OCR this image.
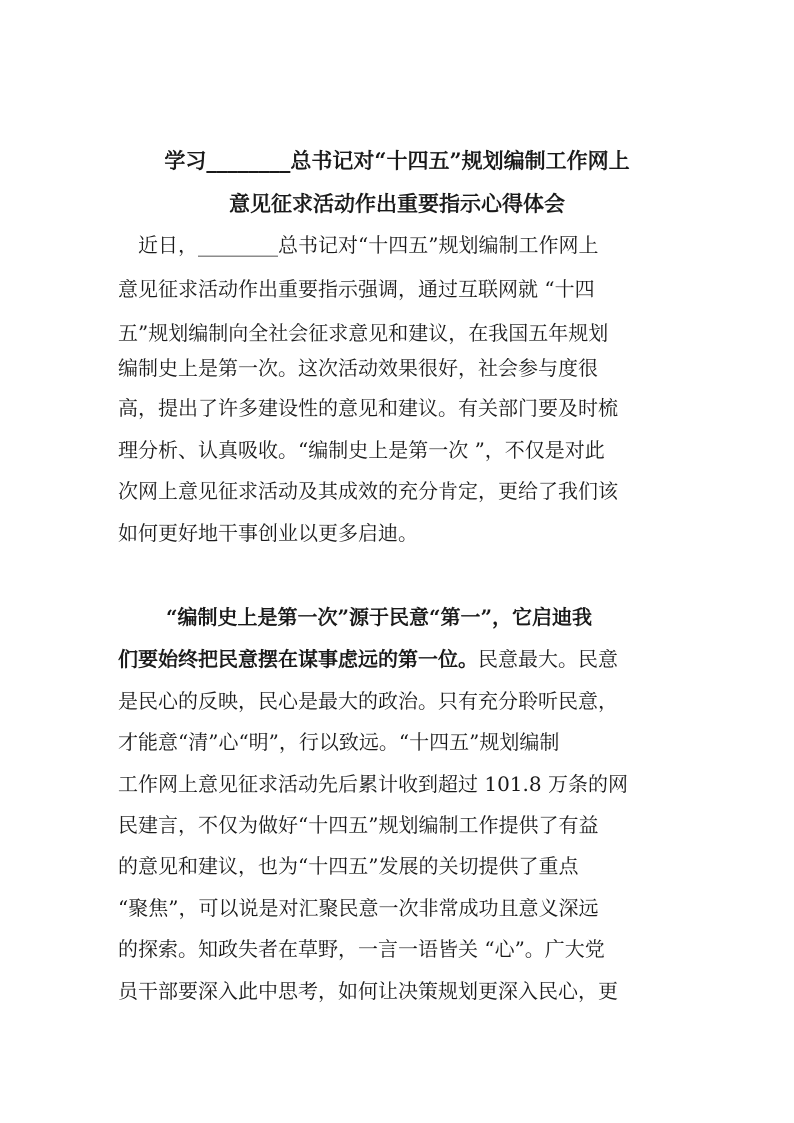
学习________总书记对“十四五”规划编制工作网上
意见征求活动作出重要指示心得体会
近日，________总书记对“十四五”规划编制工作网上
意见征求活动作出重要指示强调，通过互联网就 “十四
五”规划编制向全社会征求意见和建议，在我国五年规划
编制史上是第一次。这次活动效果很好，社会参与度很
高，提出了许多建设性的意见和建议。有关部门要及时梳
理分析、认真吸收。“编制史上是第一次 ”，不仅是对此
次网上意见征求活动及其成效的充分肯定，更给了我们该
如何更好地干事创业以更多启迪。
“编制史上是第一次”源于民意“第一”，它启迪我
们要始终把民意摆在谋事虑远的第一位。民意最大。民意
是民心的反映，民心是最大的政治。只有充分聆听民意，
才能意“清”心“明”，行以致远。“十四五”规划编制
工作网上意见征求活动先后累计收到超过 101.8 万条的网
民建言，不仅为做好“十四五”规划编制工作提供了有益
的意见和建议，也为“十四五”发展的关切提供了重点
“聚焦”，可以说是对汇聚民意一次非常成功且意义深远
的探索。知政失者在草野，一言一语皆关 “心”。广大党
员干部要深入此中思考，如何让决策规划更深入民心，更
